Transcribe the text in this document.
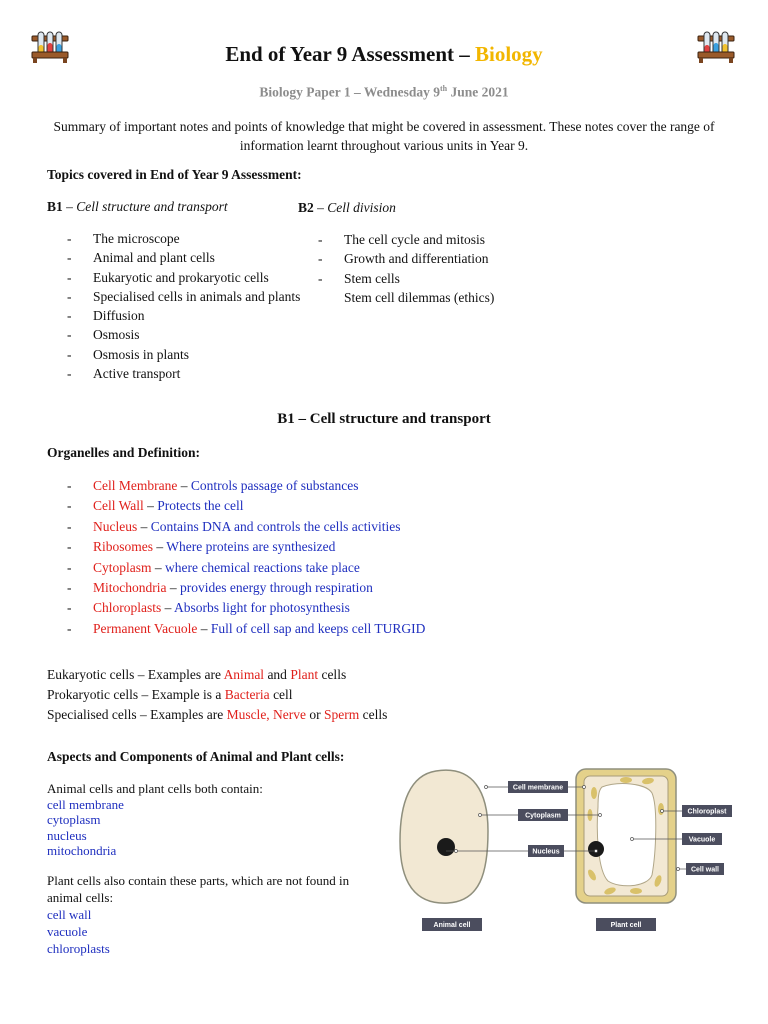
End of Year 9 Assessment – Biology
Biology Paper 1 – Wednesday 9th June 2021
Summary of important notes and points of knowledge that might be covered in assessment. These notes cover the range of information learnt throughout various units in Year 9.
Topics covered in End of Year 9 Assessment:
B1 – Cell structure and transport	B2 – Cell division
- The microscope
- Animal and plant cells
- Eukaryotic and prokaryotic cells
- Specialised cells in animals and plants
- Diffusion
- Osmosis
- Osmosis in plants
- Active transport
- The cell cycle and mitosis
- Growth and differentiation
- Stem cells
Stem cell dilemmas (ethics)
B1 – Cell structure and transport
Organelles and Definition:
- Cell Membrane – Controls passage of substances
- Cell Wall – Protects the cell
- Nucleus – Contains DNA and controls the cells activities
- Ribosomes – Where proteins are synthesized
- Cytoplasm – where chemical reactions take place
- Mitochondria – provides energy through respiration
- Chloroplasts – Absorbs light for photosynthesis
- Permanent Vacuole – Full of cell sap and keeps cell TURGID
Eukaryotic cells – Examples are Animal and Plant cells
Prokaryotic cells – Example is a Bacteria cell
Specialised cells – Examples are Muscle, Nerve or Sperm cells
Aspects and Components of Animal and Plant cells:
Animal cells and plant cells both contain:
cell membrane
cytoplasm
nucleus
mitochondria
Plant cells also contain these parts, which are not found in animal cells:
cell wall
vacuole
chloroplasts
Cell membrane
Cytoplasm
Nucleus
Chloroplast
Vacuole
Cell wall
Animal cell	Plant cell
